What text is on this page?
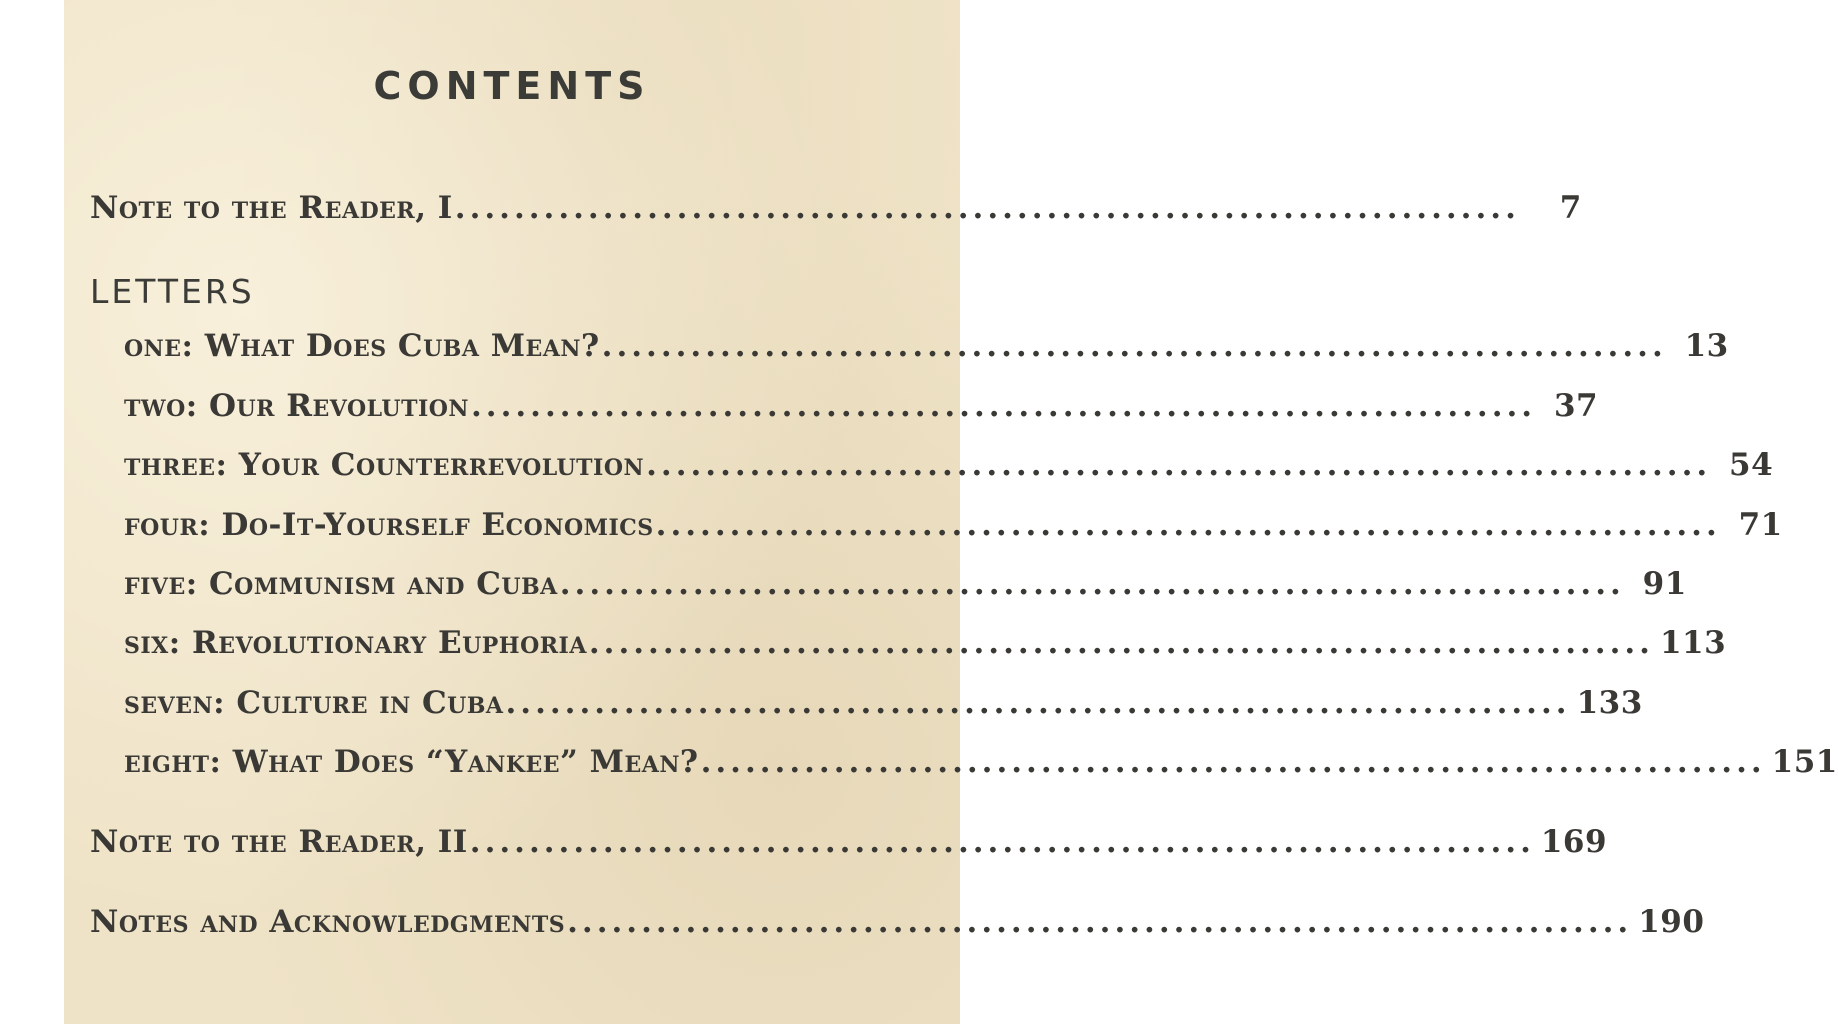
CONTENTS
Note to the Reader, I ........................................................................	7
LETTERS
one:
What Does Cuba Mean? ........................................................................ 13
two:
Our Revolution ........................................................................ 37
three:
Your Counterrevolution ........................................................................ 54
four:
Do-It-Yourself Economics ........................................................................ 71
five:
Communism and Cuba ........................................................................ 91
six:
Revolutionary Euphoria ........................................................................ 113
seven:
Culture in Cuba ........................................................................ 133
eight:
What Does “Yankee” Mean? ........................................................................ 151
Note to the Reader, II ........................................................................ 169
Notes and Acknowledgments ........................................................................ 190
